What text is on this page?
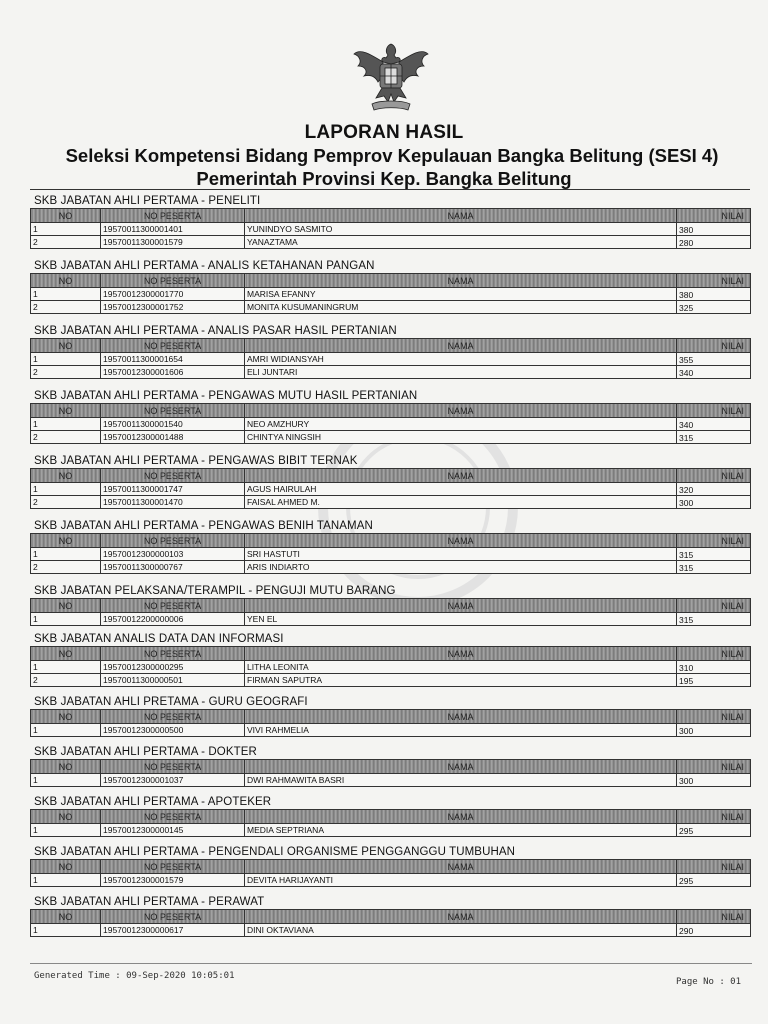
LAPORAN HASIL
Seleksi Kompetensi Bidang Pemprov Kepulauan Bangka Belitung (SESI 4)
Pemerintah Provinsi Kep. Bangka Belitung
SKB JABATAN AHLI PERTAMA - PENELITI
NO	NO PESERTA	NAMA	NILAI
1	19570011300001401	YUNINDYO SASMITO	380
2	19570011300001579	YANAZTAMA	280
SKB JABATAN AHLI PERTAMA - ANALIS KETAHANAN PANGAN
NO	NO PESERTA	NAMA	NILAI
1	19570012300001770	MARISA EFANNY	380
2	19570012300001752	MONITA KUSUMANINGRUM	325
SKB JABATAN AHLI PERTAMA - ANALIS PASAR HASIL PERTANIAN
NO	NO PESERTA	NAMA	NILAI
1	19570011300001654	AMRI WIDIANSYAH	355
2	19570012300001606	ELI JUNTARI	340
SKB JABATAN AHLI PERTAMA - PENGAWAS MUTU HASIL PERTANIAN
NO	NO PESERTA	NAMA	NILAI
1	19570011300001540	NEO AMZHURY	340
2	19570012300001488	CHINTYA NINGSIH	315
SKB JABATAN AHLI PERTAMA - PENGAWAS BIBIT TERNAK
NO	NO PESERTA	NAMA	NILAI
1	19570011300001747	AGUS HAIRULAH	320
2	19570011300001470	FAISAL AHMED M.	300
SKB JABATAN AHLI PERTAMA - PENGAWAS BENIH TANAMAN
NO	NO PESERTA	NAMA	NILAI
1	19570012300000103	SRI HASTUTI	315
2	19570011300000767	ARIS INDIARTO	315
SKB JABATAN PELAKSANA/TERAMPIL - PENGUJI MUTU BARANG
NO	NO PESERTA	NAMA	NILAI
1	19570012200000006	YEN EL	315
SKB JABATAN ANALIS DATA DAN INFORMASI
NO	NO PESERTA	NAMA	NILAI
1	19570012300000295	LITHA LEONITA	310
2	19570011300000501	FIRMAN SAPUTRA	195
SKB JABATAN AHLI PRETAMA - GURU GEOGRAFI
NO	NO PESERTA	NAMA	NILAI
1	19570012300000500	VIVI RAHMELIA	300
SKB JABATAN AHLI PERTAMA - DOKTER
NO	NO PESERTA	NAMA	NILAI
1	19570012300001037	DWI RAHMAWITA BASRI	300
SKB JABATAN AHLI PERTAMA - APOTEKER
NO	NO PESERTA	NAMA	NILAI
1	19570012300000145	MEDIA SEPTRIANA	295
SKB JABATAN AHLI PERTAMA - PENGENDALI ORGANISME PENGGANGGU TUMBUHAN
NO	NO PESERTA	NAMA	NILAI
1	19570012300001579	DEVITA HARIJAYANTI	295
SKB JABATAN AHLI PERTAMA - PERAWAT
NO	NO PESERTA	NAMA	NILAI
1	19570012300000617	DINI OKTAVIANA	290
Generated Time : 09-Sep-2020 10:05:01
Page No : 01
